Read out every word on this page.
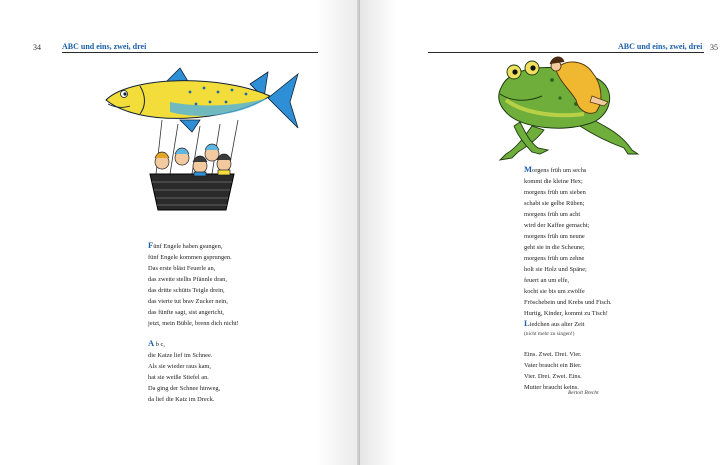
34	ABC und eins, zwei, drei
Fünf Engele haben gsungen,
fünf Engele kommen gsprungen.
Das erste bläst Feuerle an,
das zweite stellts Pfännle dran,
das dritte schütts Teigle drein,
das vierte tut brav Zucker nein,
das fünfte sagt, sist angericht,
jetzt, mein Büble, brenn dich nicht!
A b c,
die Katze lief im Schnee.
Als sie wieder raus kam,
hat sie weiße Stiefel an.
Da ging der Schnee hinweg,
da lief die Katz im Dreck.
ABC und eins, zwei, drei 35
Morgens früh um sechs
kommt die kleine Hex;
morgens früh um sieben
schabt sie gelbe Rüben;
morgens früh um acht
wird der Kaffee gemacht;
morgens früh um neune
geht sie in die Scheune;
morgens früh um zehne
holt sie Holz und Späne;
feuert an um elfe,
kocht sie bis um zwölfe
Fröschebein und Krebs und Fisch.
Hurtig, Kinder, kommt zu Tisch!
Liedchen aus alter Zeit
(nicht mehr zu singen!)
Eins. Zwei. Drei. Vier.
Vater braucht ein Bier.
Vier. Drei. Zwei. Eins.
Mutter braucht keins.
Bertolt Brecht
